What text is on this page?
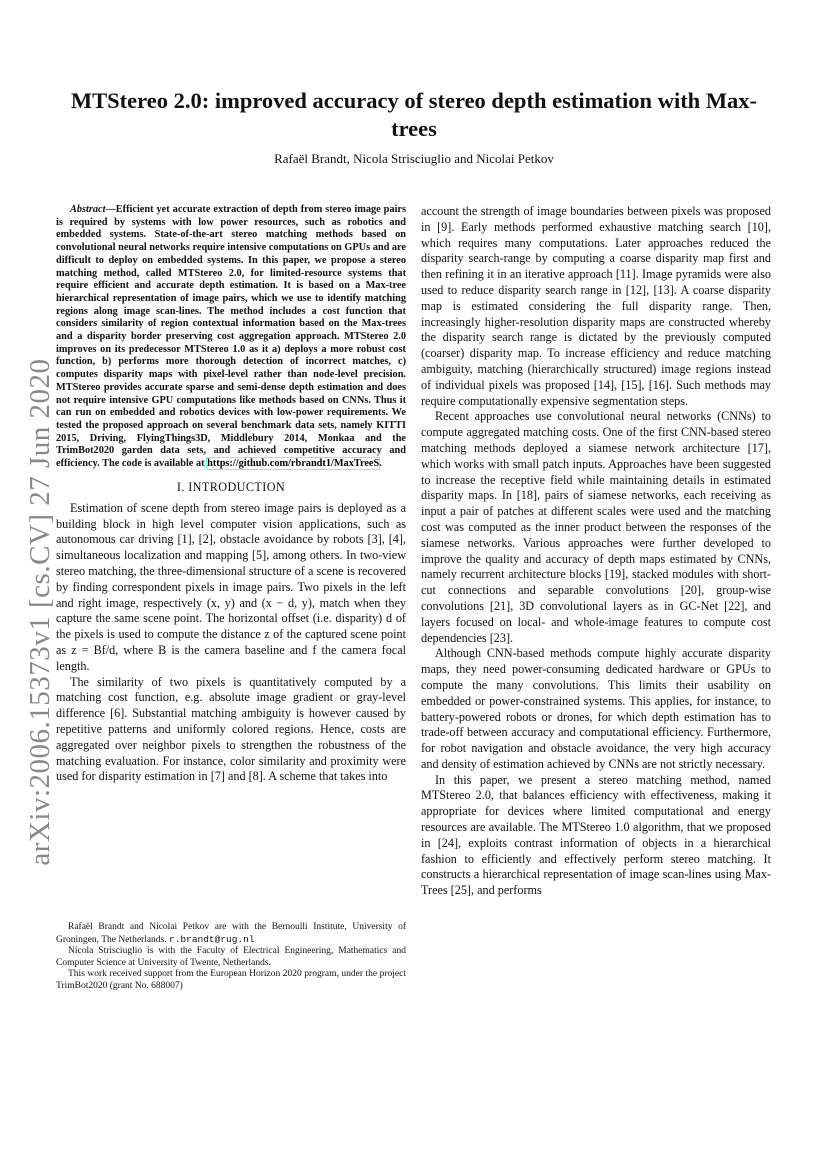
arXiv:2006.15373v1 [cs.CV] 27 Jun 2020
MTStereo 2.0: improved accuracy of stereo depth estimation with Max-trees
Rafaël Brandt, Nicola Strisciuglio and Nicolai Petkov

Abstract—Efficient yet accurate extraction of depth from stereo image pairs is required by systems with low power resources, such as robotics and embedded systems. State-of-the-art stereo matching methods based on convolutional neural networks require intensive computations on GPUs and are difficult to deploy on embedded systems. In this paper, we propose a stereo matching method, called MTStereo 2.0, for limited-resource systems that require efficient and accurate depth estimation. It is based on a Max-tree hierarchical representation of image pairs, which we use to identify matching regions along image scan-lines. The method includes a cost function that considers similarity of region contextual information based on the Max-trees and a disparity border preserving cost aggregation approach. MTStereo 2.0 improves on its predecessor MTStereo 1.0 as it a) deploys a more robust cost function, b) performs more thorough detection of incorrect matches, c) computes disparity maps with pixel-level rather than node-level precision. MTStereo provides accurate sparse and semi-dense depth estimation and does not require intensive GPU computations like methods based on CNNs. Thus it can run on embedded and robotics devices with low-power requirements. We tested the proposed approach on several benchmark data sets, namely KITTI 2015, Driving, FlyingThings3D, Middlebury 2014, Monkaa and the TrimBot2020 garden data sets, and achieved competitive accuracy and efficiency. The code is available at https://github.com/rbrandt1/MaxTreeS.

I. INTRODUCTION

Estimation of scene depth from stereo image pairs is deployed as a building block in high level computer vision applications, such as autonomous car driving [1], [2], obstacle avoidance by robots [3], [4], simultaneous localization and mapping [5], among others. In two-view stereo matching, the three-dimensional structure of a scene is recovered by finding correspondent pixels in image pairs. Two pixels in the left and right image, respectively (x, y) and (x − d, y), match when they capture the same scene point. The horizontal offset (i.e. disparity) d of the pixels is used to compute the distance z of the captured scene point as z = Bf/d, where B is the camera baseline and f the camera focal length.

The similarity of two pixels is quantitatively computed by a matching cost function, e.g. absolute image gradient or gray-level difference [6]. Substantial matching ambiguity is however caused by repetitive patterns and uniformly colored regions. Hence, costs are aggregated over neighbor pixels to strengthen the robustness of the matching evaluation. For instance, color similarity and proximity were used for disparity estimation in [7] and [8]. A scheme that takes into

account the strength of image boundaries between pixels was proposed in [9]. Early methods performed exhaustive matching search [10], which requires many computations. Later approaches reduced the disparity search-range by computing a coarse disparity map first and then refining it in an iterative approach [11]. Image pyramids were also used to reduce disparity search range in [12], [13]. A coarse disparity map is estimated considering the full disparity range. Then, increasingly higher-resolution disparity maps are constructed whereby the disparity search range is dictated by the previously computed (coarser) disparity map. To increase efficiency and reduce matching ambiguity, matching (hierarchically structured) image regions instead of individual pixels was proposed [14], [15], [16]. Such methods may require computationally expensive segmentation steps.

Recent approaches use convolutional neural networks (CNNs) to compute aggregated matching costs. One of the first CNN-based stereo matching methods deployed a siamese network architecture [17], which works with small patch inputs. Approaches have been suggested to increase the receptive field while maintaining details in estimated disparity maps. In [18], pairs of siamese networks, each receiving as input a pair of patches at different scales were used and the matching cost was computed as the inner product between the responses of the siamese networks. Various approaches were further developed to improve the quality and accuracy of depth maps estimated by CNNs, namely recurrent architecture blocks [19], stacked modules with short-cut connections and separable convolutions [20], group-wise convolutions [21], 3D convolutional layers as in GC-Net [22], and layers focused on local- and whole-image features to compute cost dependencies [23].

Although CNN-based methods compute highly accurate disparity maps, they need power-consuming dedicated hardware or GPUs to compute the many convolutions. This limits their usability on embedded or power-constrained systems. This applies, for instance, to battery-powered robots or drones, for which depth estimation has to trade-off between accuracy and computational efficiency. Furthermore, for robot navigation and obstacle avoidance, the very high accuracy and density of estimation achieved by CNNs are not strictly necessary.

In this paper, we present a stereo matching method, named MTStereo 2.0, that balances efficiency with effectiveness, making it appropriate for devices where limited computational and energy resources are available. The MTStereo 1.0 algorithm, that we proposed in [24], exploits contrast information of objects in a hierarchical fashion to efficiently and effectively perform stereo matching. It constructs a hierarchical representation of image scan-lines using Max-Trees [25], and performs

Rafaël Brandt and Nicolai Petkov are with the Bernoulli Institute, University of Groningen, The Netherlands. r.brandt@rug.nl

Nicola Strisciuglio is with the Faculty of Electrical Engineering, Mathematics and Computer Science at University of Twente, Netherlands.

This work received support from the European Horizon 2020 program, under the project TrimBot2020 (grant No. 688007)
